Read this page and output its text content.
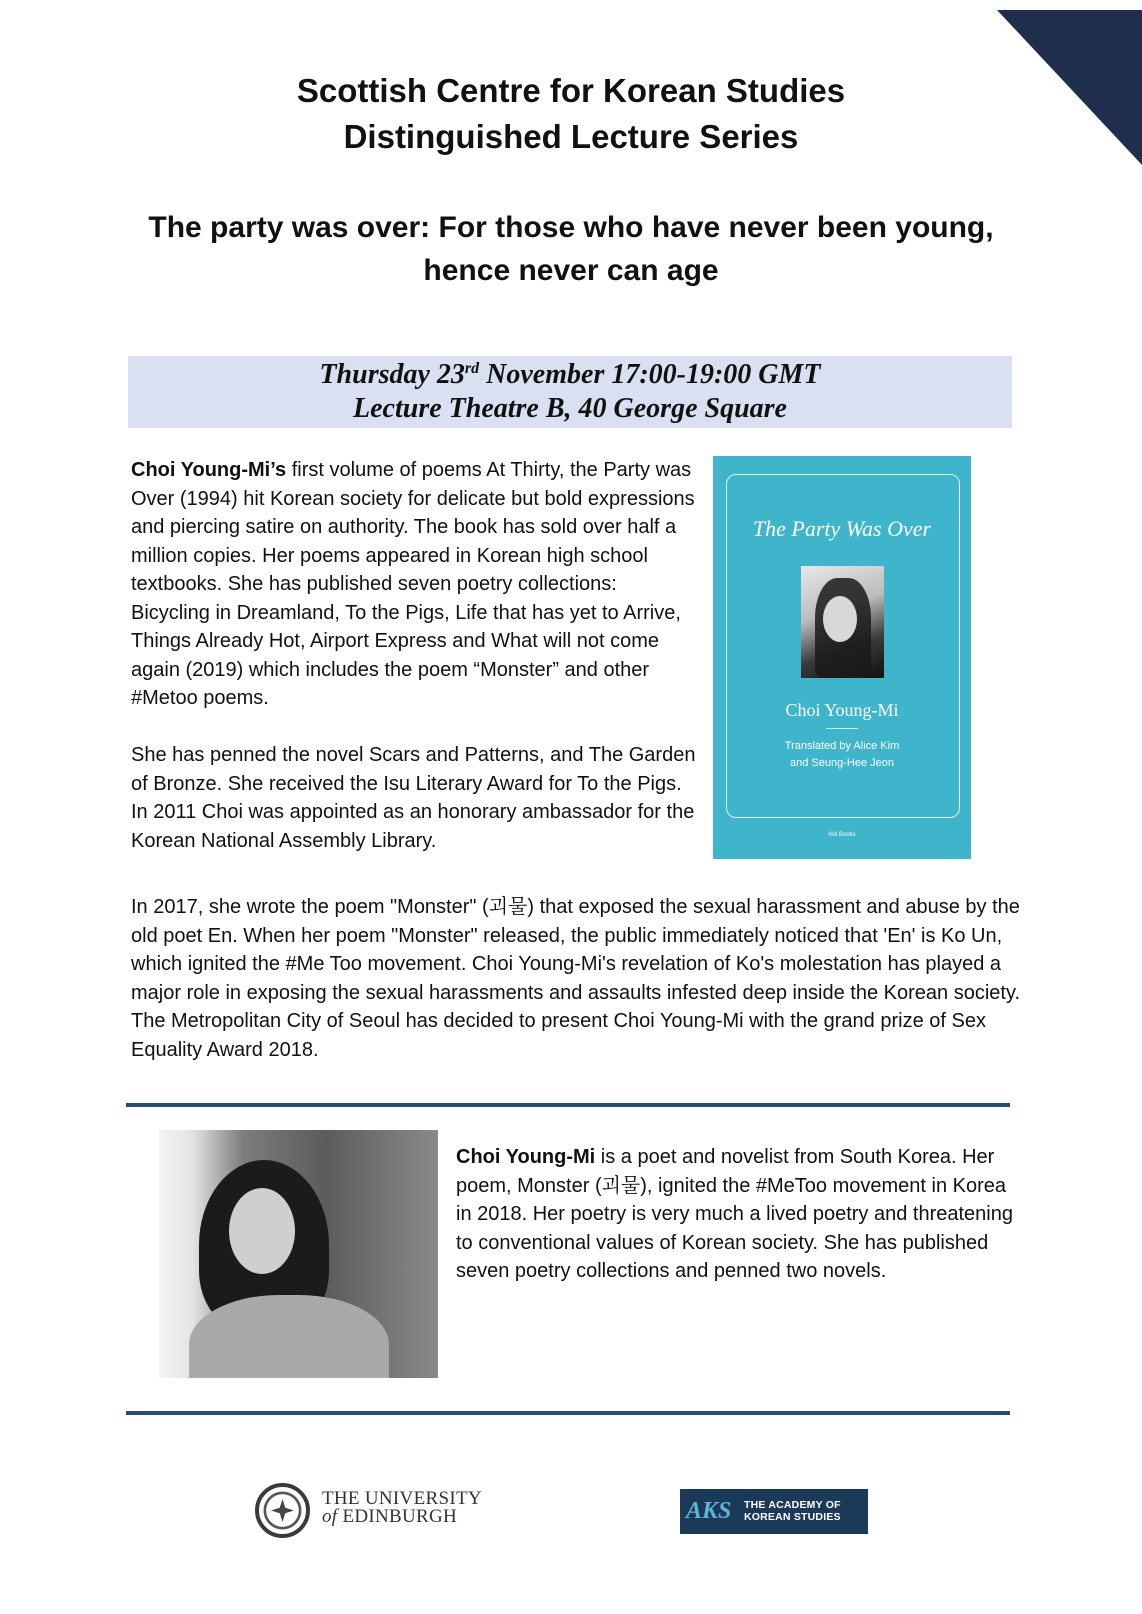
Scottish Centre for Korean Studies
Distinguished Lecture Series
The party was over: For those who have never been young,
hence never can age
Thursday 23rd November 17:00-19:00 GMT
Lecture Theatre B, 40 George Square
Choi Young-Mi’s first volume of poems At Thirty, the Party was Over (1994) hit Korean society for delicate but bold expressions and piercing satire on authority. The book has sold over half a million copies. Her poems appeared in Korean high school textbooks. She has published seven poetry collections: Bicycling in Dreamland, To the Pigs, Life that has yet to Arrive, Things Already Hot, Airport Express and What will not come again (2019) which includes the poem “Monster” and other #Metoo poems.
She has penned the novel Scars and Patterns, and The Garden of Bronze. She received the Isu Literary Award for To the Pigs. In 2011 Choi was appointed as an honorary ambassador for the Korean National Assembly Library.
The Party Was Over
Choi Young-Mi
Translated by Alice Kim
and Seung-Hee Jeon
Hol Books
In 2017, she wrote the poem "Monster" (괴물) that exposed the sexual harassment and abuse by the old poet En. When her poem "Monster" released, the public immediately noticed that 'En' is Ko Un, which ignited the #Me Too movement. Choi Young-Mi's revelation of Ko's molestation has played a major role in exposing the sexual harassments and assaults infested deep inside the Korean society. The Metropolitan City of Seoul has decided to present Choi Young-Mi with the grand prize of Sex Equality Award 2018.
Choi Young-Mi is a poet and novelist from South Korea. Her poem, Monster (괴물), ignited the #MeToo movement in Korea in 2018. Her poetry is very much a lived poetry and threatening to conventional values of Korean society. She has published seven poetry collections and penned two novels.
THE UNIVERSITY
of EDINBURGH	AKS THE ACADEMY OF
KOREAN STUDIES
